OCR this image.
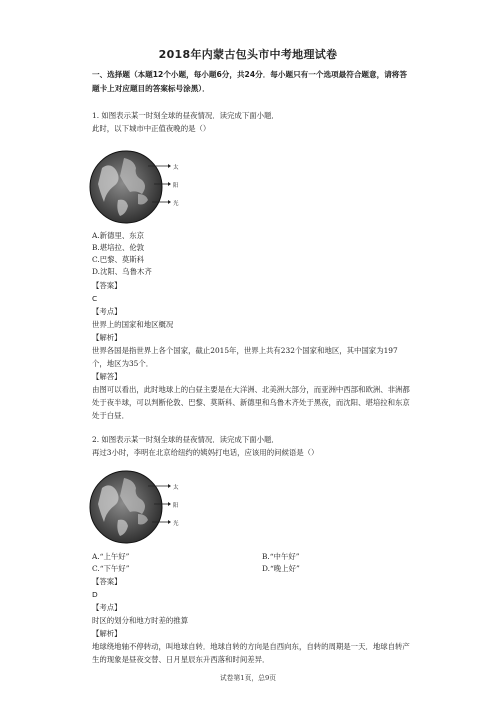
2018年内蒙古包头市中考地理试卷
一、选择题（本题12个小题，每小题6分，共24分．每小题只有一个选项最符合题意，请将答题卡上对应题目的答案标号涂黑）．
1. 如图表示某一时刻全球的昼夜情况．读完成下面小题．
此时，以下城市中正值夜晚的是（）
太
阳
光
A.新德里、东京
B.堪培拉、伦敦
C.巴黎、莫斯科
D.沈阳、乌鲁木齐
【答案】
C
【考点】
世界上的国家和地区概况
【解析】
世界各国是指世界上各个国家，截止2015年，世界上共有232个国家和地区，其中国家为197个，地区为35个．
【解答】
由图可以看出，此时地球上的白昼主要是在大洋洲、北美洲大部分，而亚洲中西部和欧洲、非洲都处于夜半球，可以判断伦敦、巴黎、莫斯科、新德里和乌鲁木齐处于黑夜，而沈阳、堪培拉和东京处于白昼．
2. 如图表示某一时刻全球的昼夜情况．读完成下面小题．
再过3小时，李明在北京给纽约的姨妈打电话，应该用的问候语是（）
太
阳
光
A.“上午好”	B.“中午好”
C.“下午好”	D.“晚上好”
【答案】
D
【考点】
时区的划分和地方时差的推算
【解析】
地球绕地轴不停转动，叫地球自转．地球自转的方向是自西向东，自转的周期是一天．地球自转产生的现象是昼夜交替、日月星辰东升西落和时间差异．
试卷第1页，总9页
